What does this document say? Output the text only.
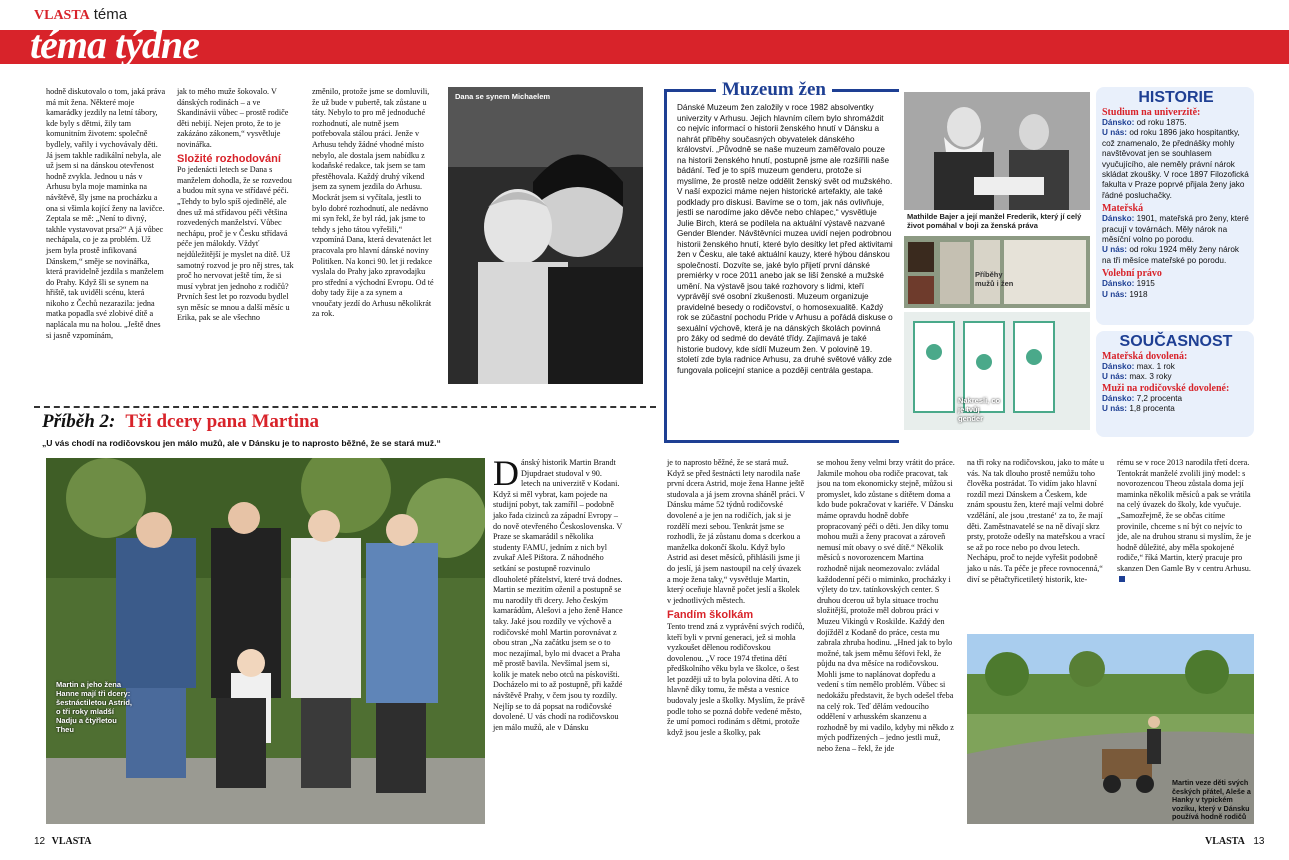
VLASTA téma
téma týdne

hodně diskutovalo o tom, jaká práva má mít žena. Některé moje kamarádky jezdily na letní tábory, kde byly s dětmi, žily tam komunitním životem: společně bydlely, vařily i vychovávaly děti. Já jsem takhle radikální nebyla, ale už jsem si na dánskou otevřenost hodně zvykla. Jednou u nás v Arhusu byla moje maminka na návštěvě, šly jsme na procházku a ona si všimla kojící ženy na lavičce. Zeptala se mě: „Není to divný, takhle vystavovat prsa?“ A já vůbec nechápala, co je za problém. Už jsem byla prostě infikovaná Dánskem,“ směje se novinářka, která pravidelně jezdila s manželem do Prahy. Když šli se synem na hřiště, tak uviděli scénu, která nikoho z Čechů nezarazila: jedna matka popadla své zlobivé dítě a naplácala mu na holou. „Ještě dnes si jasně vzpomínám,

jak to mého muže šokovalo. V dánských rodinách – a ve Skandinávii vůbec – prostě rodiče děti nebijí. Nejen proto, že to je zakázáno zákonem,“ vysvětluje novinářka.

Složité rozhodování

Po jedenácti letech se Dana s manželem dohodla, že se rozvedou a budou mít syna ve střídavé péči. „Tehdy to bylo spíš ojedinělé, ale dnes už má střídavou péči většina rozvedených manželství. Vůbec nechápu, proč je v Česku střídavá péče jen málokdy. Vždyť nejdůležitější je myslet na dítě. Už samotný rozvod je pro něj stres, tak proč ho nervovat ještě tím, že si musí vybrat jen jednoho z rodičů? Prvních šest let po rozvodu bydlel syn měsíc se mnou a další měsíc u Erika, pak se ale všechno

změnilo, protože jsme se domluvili, že už bude v pubertě, tak zůstane u táty. Nebylo to pro mě jednoduché rozhodnutí, ale nutně jsem potřebovala stálou práci. Jenže v Arhusu tehdy žádné vhodné místo nebylo, ale dostala jsem nabídku z kodaňské redakce, tak jsem se tam přestěhovala. Každý druhý víkend jsem za synem jezdila do Arhusu. Mockrát jsem si vyčítala, jestli to bylo dobré rozhodnutí, ale nedávno mi syn řekl, že byl rád, jak jsme to tehdy s jeho tátou vyřešili,“ vzpomíná Dana, která devatenáct let pracovala pro hlavní dánské noviny Politiken. Na konci 90. let ji redakce vyslala do Prahy jako zpravodajku pro střední a východní Evropu. Od té doby tady žije a za synem a vnoučaty jezdí do Arhusu několikrát za rok.

Dana se synem Michaelem	Muzeum žen
Dánské Muzeum žen založily v roce 1982 absolventky univerzity v Arhusu. Jejich hlavním cílem bylo shromáždit co nejvíc informací o historii ženského hnutí v Dánsku a nahrát příběhy současných obyvatelek dánského království. „Původně se naše muzeum zaměřovalo pouze na historii ženského hnutí, postupně jsme ale rozšířili naše bádání. Teď je to spíš muzeum genderu, protože si myslíme, že prostě nelze oddělit ženský svět od mužského. V naší expozici máme nejen historické artefakty, ale také podklady pro diskusi. Bavíme se o tom, jak nás ovlivňuje, jestli se narodíme jako děvče nebo chlapec,“ vysvětluje Julie Birch, která se podílela na aktuální výstavě nazvané Gender Blender. Návštěvníci muzea uvidí nejen podrobnou historii ženského hnutí, které bylo desítky let před aktivitami žen v Česku, ale také aktuální kauzy, které hýbou dánskou společností. Dozvíte se, jaké bylo přijetí první dánské premiérky v roce 2011 anebo jak se liší ženské a mužské umění. Na výstavě jsou také rozhovory s lidmi, kteří vyprávějí své osobní zkušenosti. Muzeum organizuje pravidelné besedy o rodičovství, o homosexualitě. Každý rok se zúčastní pochodu Pride v Arhusu a pořádá diskuse o sexuální výchově, která je na dánských školách povinná pro žáky od sedmé do deváté třídy. Zajímavá je také historie budovy, kde sídlí Muzeum žen. V polovině 19. století zde byla radnice Arhusu, za druhé světové války zde fungovala policejní stanice a později centrála gestapa.
Mathilde Bajer a její manžel Frederik, který jí celý život pomáhal v boji za ženská práva
Příběhy mužů i žen
Nakresli, co je tvůj gender
HISTORIE
Studium na univerzitě:
Dánsko: od roku 1875.
U nás: od roku 1896 jako hospitantky, což znamenalo, že přednášky mohly navštěvovat jen se souhlasem vyučujícího, ale neměly právní nárok skládat zkoušky. V roce 1897 Filozofická fakulta v Praze poprvé přijala ženy jako řádné posluchačky.
Mateřská
Dánsko: 1901, mateřská pro ženy, které pracují v továrnách. Měly nárok na měsíční volno po porodu.
U nás: od roku 1924 měly ženy nárok na tři měsíce mateřské po porodu.
Volební právo
Dánsko: 1915
U nás: 1918
SOUČASNOST
Mateřská dovolená:
Dánsko: max. 1 rok
U nás: max. 3 roky
Muži na rodičovské dovolené:
Dánsko: 7,2 procenta
U nás: 1,8 procenta
Příběh 2: Tři dcery pana Martina
„U vás chodí na rodičovskou jen málo mužů, ale v Dánsku je to naprosto běžné, že se stará muž.“
Martin a jeho žena Hanne mají tři dcery: šestnáctiletou Astrid, o tři roky mladší Nadju a čtyřletou Theu
D ánský historik Martin Brandt Djupdraet studoval v 90. letech na univerzitě v Kodani. Když si měl vybrat, kam pojede na studijní pobyt, tak zamířil – podobně jako řada cizinců za západní Evropy – do nově otevřeného Československa. V Praze se skamarádil s několika studenty FAMU, jedním z nich byl zvukař Aleš Pištora. Z náhodného setkání se postupně rozvinulo dlouholeté přátelství, které trvá dodnes. Martin se mezitím oženil a postupně se mu narodily tři dcery. Jeho českým kamarádům, Alešovi a jeho ženě Hance taky. Jaké jsou rozdíly ve výchově a rodičovské mohl Martin porovnávat z obou stran „Na začátku jsem se o to moc nezajímal, bylo mi dvacet a Praha mě prostě bavila. Nevšímal jsem si, kolik je matek nebo otců na pískovišti. Docházelo mi to až postupně, při každé návštěvě Prahy, v čem jsou ty rozdíly. Nejlíp se to dá popsat na rodičovské dovolené. U vás chodí na rodičovskou jen málo mužů, ale v Dánsku

je to naprosto běžné, že se stará muž. Když se před šestnácti lety narodila naše první dcera Astrid, moje žena Hanne ještě studovala a já jsem zrovna sháněl práci. V Dánsku máme 52 týdnů rodičovské dovolené a je jen na rodičích, jak si je rozdělí mezi sebou. Tenkrát jsme se rozhodli, že já zůstanu doma s dcerkou a manželka dokončí školu. Když bylo Astrid asi deset měsíců, přihlásili jsme ji do jeslí, já jsem nastoupil na celý úvazek a moje žena taky,“ vysvětluje Martin, který oceňuje hlavně počet jeslí a školek v jednotlivých městech.

Fandím školkám

Tento trend zná z vyprávění svých rodičů, kteří byli v první generaci, jež si mohla vyzkoušet dělenou rodičovskou dovolenou. „V roce 1974 třetina dětí předškolního věku byla ve školce, o šest let později už to byla polovina dětí. A to hlavně díky tomu, že města a vesnice budovaly jesle a školky. Myslím, že právě podle toho se pozná dobře vedené město, že umí pomoci rodinám s dětmi, protože když jsou jesle a školky, pak

se mohou ženy velmi brzy vrátit do práce. Jakmile mohou oba rodiče pracovat, tak jsou na tom ekonomicky stejně, můžou si promyslet, kdo zůstane s dítětem doma a kdo bude pokračovat v kariéře. V Dánsku máme opravdu hodně dobře propracovaný péči o děti. Jen díky tomu mohou muži a ženy pracovat a zároveň nemusí mít obavy o své dítě.“ Několik měsíců s novorozencem Martina rozhodně nijak neomezovalo: zvládal každodenní péči o miminko, procházky i výlety do tzv. tatínkovských center. S druhou dcerou už byla situace trochu složitější, protože měl dobrou práci v Muzeu Vikingů v Roskilde. Každý den dojížděl z Kodaně do práce, cesta mu zabrala zhruba hodinu. „Hned jak to bylo možné, tak jsem měmu šéfovi řekl, že půjdu na dva měsíce na rodičovskou. Mohli jsme to naplánovat dopředu a vedení s tím nemělo problém. Vůbec si nedokážu představit, že bych odešel třeba na celý rok. Teď dělám vedoucího oddělení v arhusském skanzenu a rozhodně by mi vadilo, kdyby mi někdo z mých podřízených – jedno jestli muž, nebo žena – řekl, že jde

na tři roky na rodičovskou, jako to máte u vás. Na tak dlouho prostě nemůžu toho člověka postrádat. To vidím jako hlavní rozdíl mezi Dánskem a Českem, kde znám spoustu žen, které mají velmi dobré vzdělání, ale jsou ‚trestané‘ za to, že mají děti. Zaměstnavatelé se na ně dívají skrz prsty, protože odešly na mateřskou a vrací se až po roce nebo po dvou letech. Nechápu, proč to nejde vyřešit podobně jako u nás. Ta péče je přece rovnocenná,“ diví se pětačtyřicetiletý historik, kte-

rému se v roce 2013 narodila třetí dcera. Tentokrát manželé zvolili jiný model: s novorozencou Theou zůstala doma její maminka několik měsíců a pak se vrátila na celý úvazek do školy, kde vyučuje. „Samozřejmě, že se občas citíme provinile, chceme s ní být co nejvíc to jde, ale na druhou stranu si myslím, že je hodně důležité, aby měla spokojené rodiče,“ říká Martin, který pracuje pro skanzen Den Gamle By v centru Arhusu.

Martin veze děti svých českých přátel, Aleše a Hanky v typickém vozíku, který v Dánsku používá hodně rodičů
12 VLASTA	VLASTA 13
